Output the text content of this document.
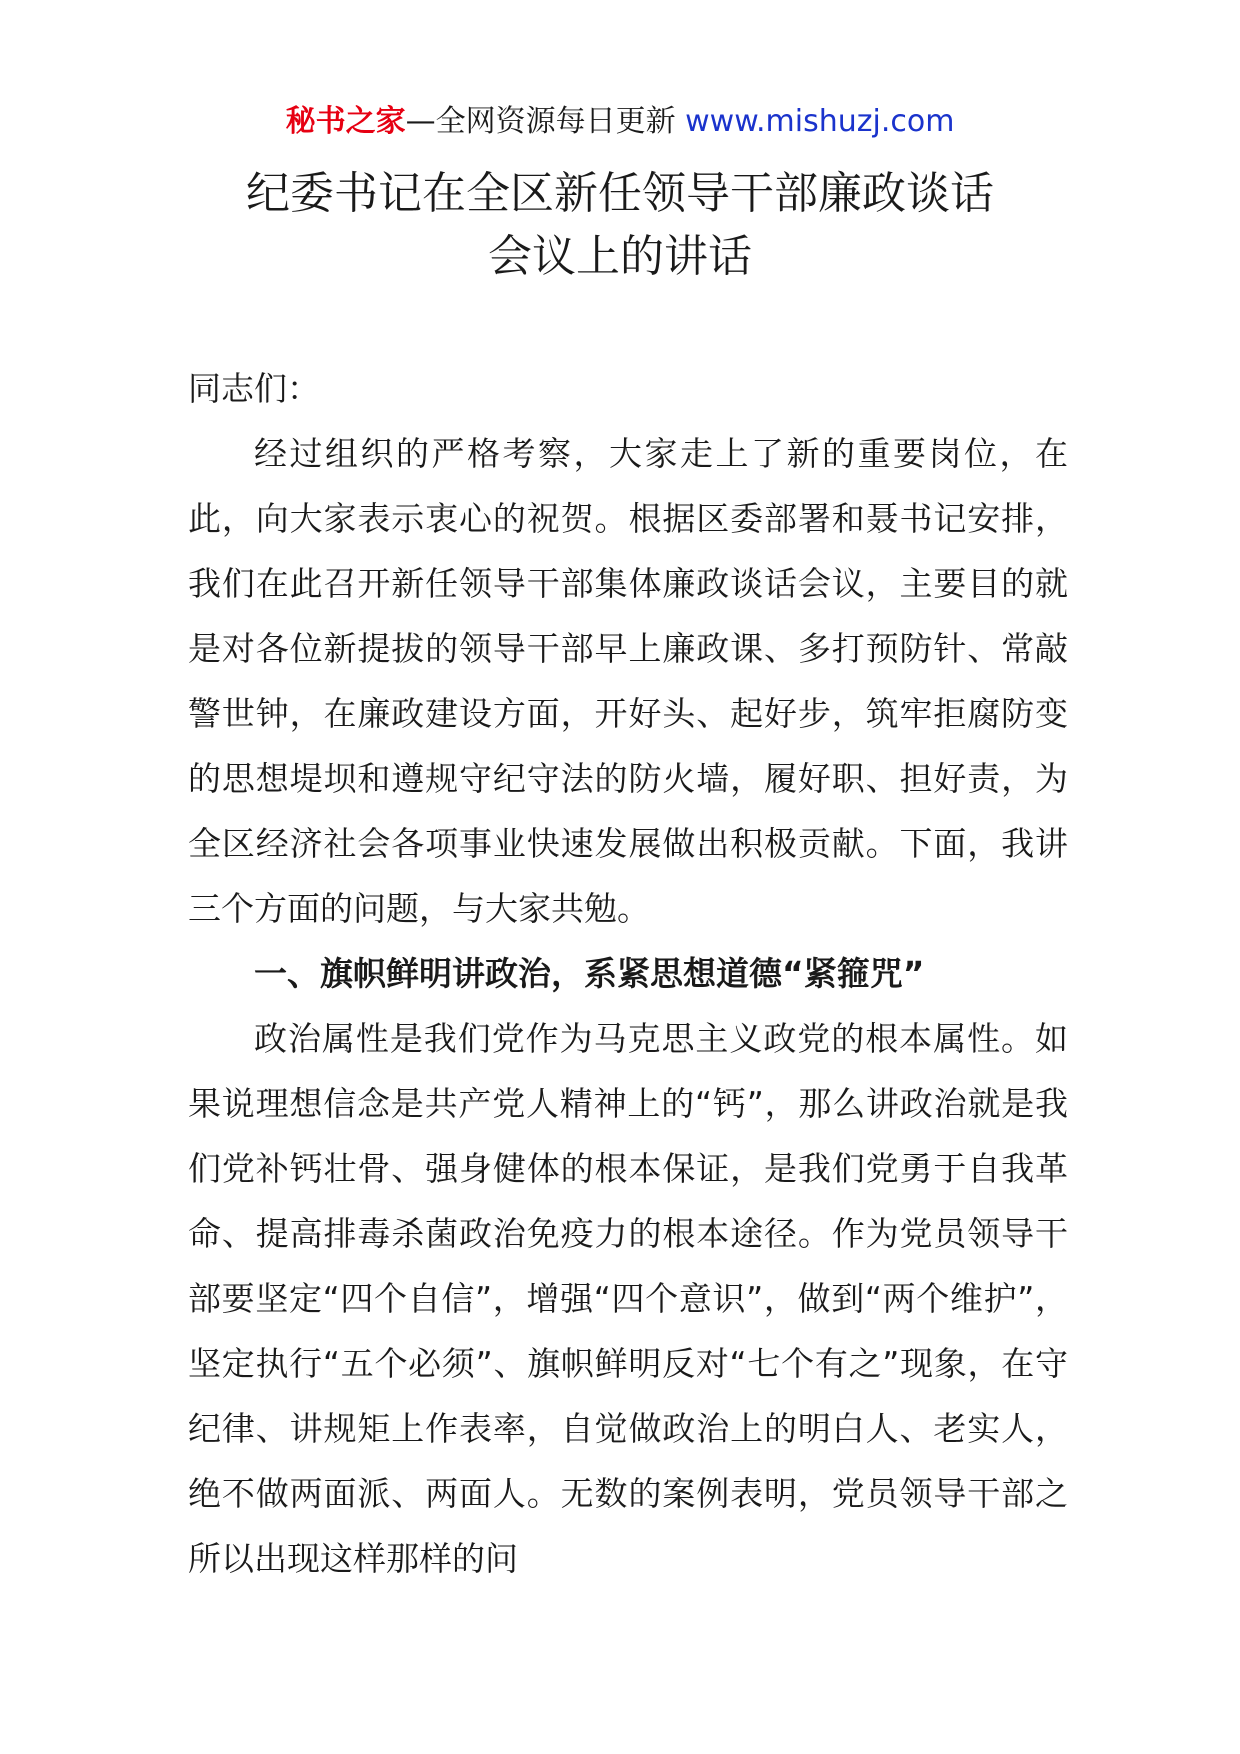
秘书之家—全网资源每日更新 www.mishuzj.com
纪委书记在全区新任领导干部廉政谈话
会议上的讲话

同志们：

经过组织的严格考察，大家走上了新的重要岗位，在此，向大家表示衷心的祝贺。根据区委部署和聂书记安排，我们在此召开新任领导干部集体廉政谈话会议，主要目的就是对各位新提拔的领导干部早上廉政课、多打预防针、常敲警世钟，在廉政建设方面，开好头、起好步，筑牢拒腐防变的思想堤坝和遵规守纪守法的防火墙，履好职、担好责，为全区经济社会各项事业快速发展做出积极贡献。下面，我讲三个方面的问题，与大家共勉。

一、旗帜鲜明讲政治，系紧思想道德“紧箍咒”

政治属性是我们党作为马克思主义政党的根本属性。如果说理想信念是共产党人精神上的“钙”，那么讲政治就是我们党补钙壮骨、强身健体的根本保证，是我们党勇于自我革命、提高排毒杀菌政治免疫力的根本途径。作为党员领导干部要坚定“四个自信”，增强“四个意识”，做到“两个维护”，坚定执行“五个必须”、旗帜鲜明反对“七个有之”现象，在守纪律、讲规矩上作表率，自觉做政治上的明白人、老实人，绝不做两面派、两面人。无数的案例表明，党员领导干部之所以出现这样那样的问
